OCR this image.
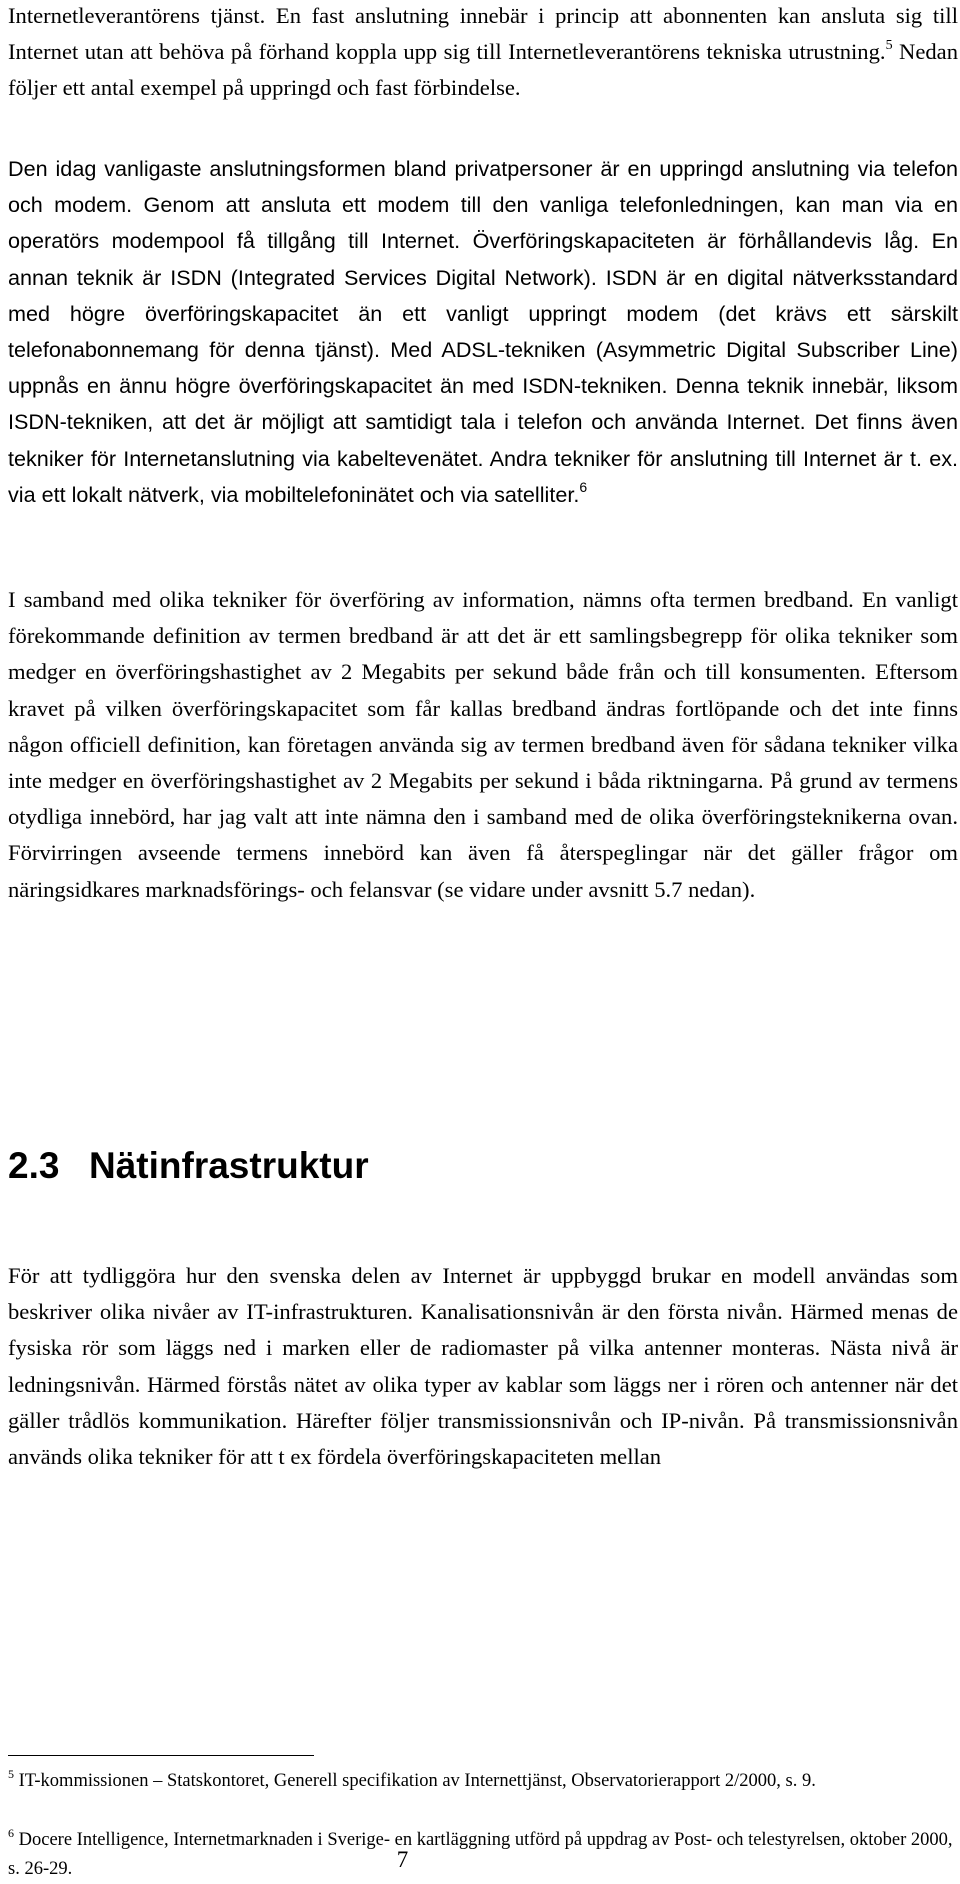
Internetleverantörens tjänst. En fast anslutning innebär i princip att abonnenten kan ansluta sig till Internet utan att behöva på förhand koppla upp sig till Internetleverantörens tekniska utrustning.$^5$ Nedan följer ett antal exempel på uppringd och fast förbindelse.

Den idag vanligaste anslutningsformen bland privatpersoner är en uppringd anslutning via telefon och modem. Genom att ansluta ett modem till den vanliga telefonledningen, kan man via en operatörs modempool få tillgång till Internet. Överföringskapaciteten är förhållandevis låg. En annan teknik är ISDN (Integrated Services Digital Network). ISDN är en digital nätverksstandard med högre överföringskapacitet än ett vanligt uppringt modem (det krävs ett särskilt telefonabonnemang för denna tjänst). Med ADSL-tekniken (Asymmetric Digital Subscriber Line) uppnås en ännu högre överföringskapacitet än med ISDN-tekniken. Denna teknik innebär, liksom ISDN-tekniken, att det är möjligt att samtidigt tala i telefon och använda Internet. Det finns även tekniker för Internetanslutning via kabeltevenätet. Andra tekniker för anslutning till Internet är t. ex. via ett lokalt nätverk, via mobiltelefoninätet och via satelliter.$^6$

I samband med olika tekniker för överföring av information, nämns ofta termen bredband. En vanligt förekommande definition av termen bredband är att det är ett samlingsbegrepp för olika tekniker som medger en överföringshastighet av 2 Megabits per sekund både från och till konsumenten. Eftersom kravet på vilken överföringskapacitet som får kallas bredband ändras fortlöpande och det inte finns någon officiell definition, kan företagen använda sig av termen bredband även för sådana tekniker vilka inte medger en överföringshastighet av 2 Megabits per sekund i båda riktningarna. På grund av termens otydliga innebörd, har jag valt att inte nämna den i samband med de olika överföringsteknikerna ovan. Förvirringen avseende termens innebörd kan även få återspeglingar när det gäller frågor om näringsidkares marknadsförings- och felansvar (se vidare under avsnitt 5.7 nedan).

2.3 Nätinfrastruktur

För att tydliggöra hur den svenska delen av Internet är uppbyggd brukar en modell användas som beskriver olika nivåer av IT-infrastrukturen. Kanalisationsnivån är den första nivån. Härmed menas de fysiska rör som läggs ned i marken eller de radiomaster på vilka antenner monteras. Nästa nivå är ledningsnivån. Härmed förstås nätet av olika typer av kablar som läggs ner i rören och antenner när det gäller trådlös kommunikation. Härefter följer transmissionsnivån och IP-nivån. På transmissionsnivån används olika tekniker för att t ex fördela överföringskapaciteten mellan

$^5$ IT-kommissionen – Statskontoret, Generell specifikation av Internettjänst, Observatorierapport 2/2000, s. 9.

$^6$ Docere Intelligence, Internetmarknaden i Sverige- en kartläggning utförd på uppdrag av Post- och telestyrelsen, oktober 2000, s. 26-29.	7
